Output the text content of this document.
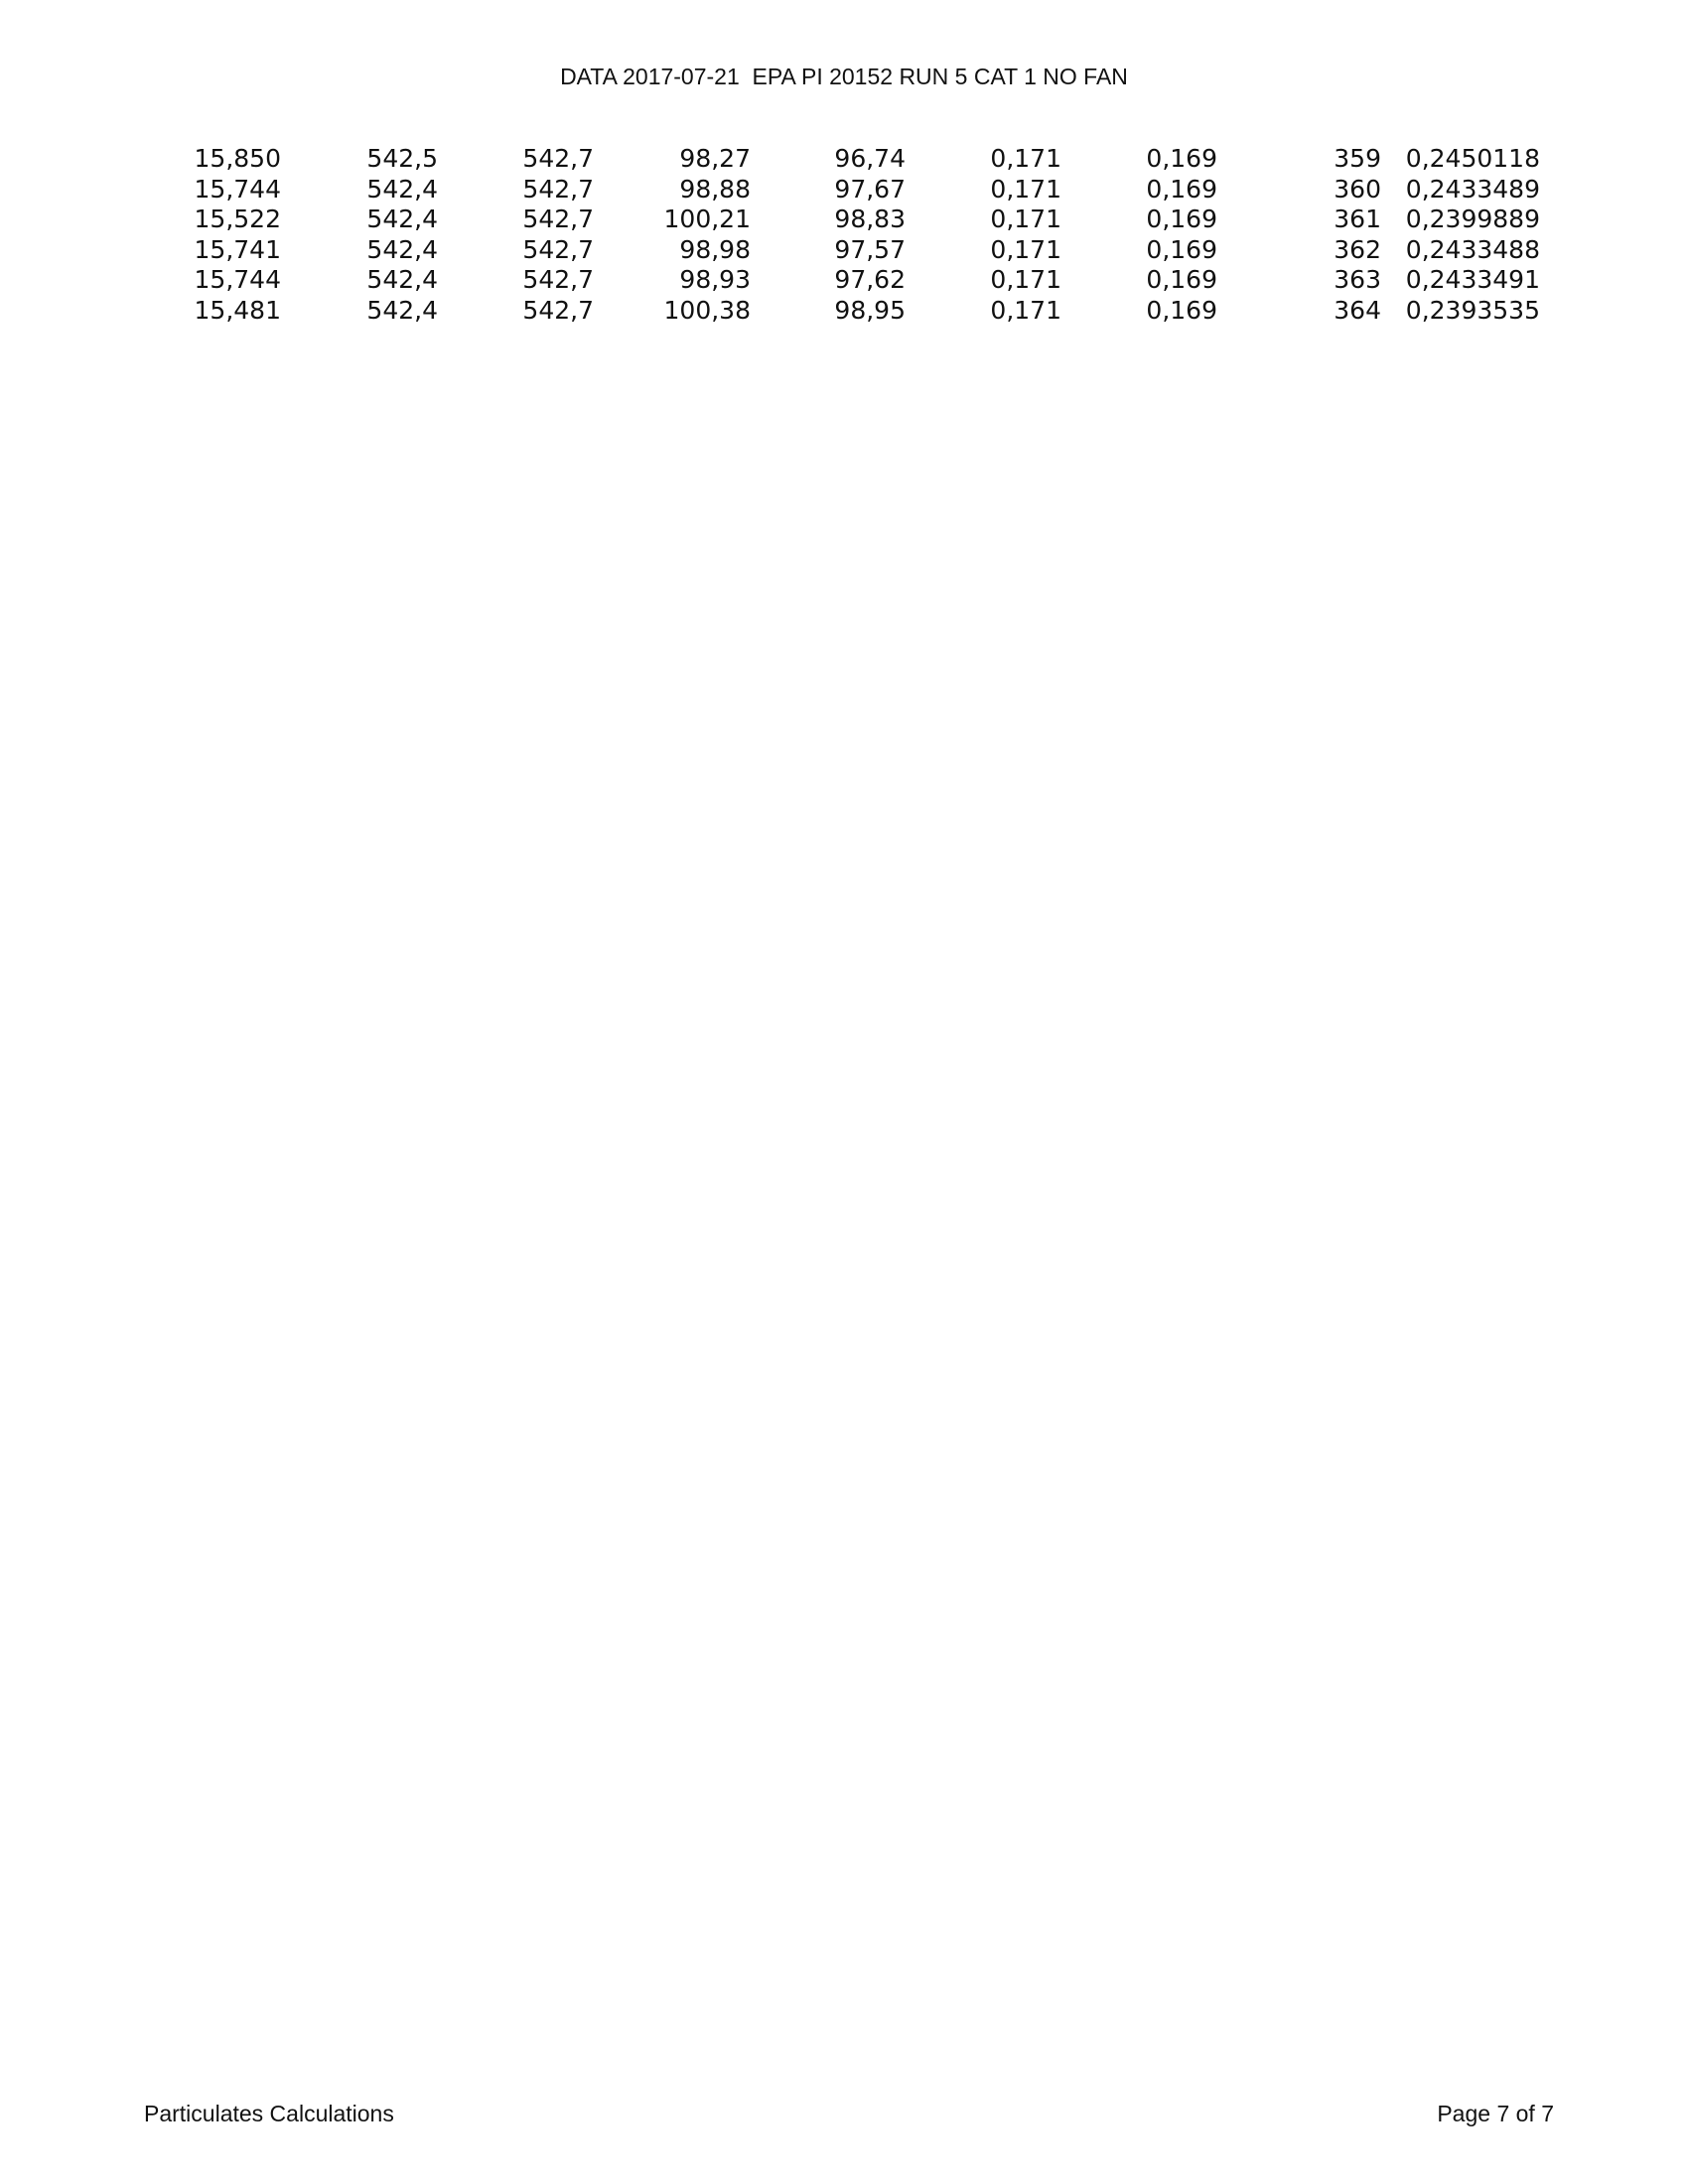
DATA 2017-07-21  EPA PI 20152 RUN 5 CAT 1 NO FAN
15,850	542,5	542,7	98,27	96,74	0,171	0,169	359 0,2450118
15,744	542,4	542,7	98,88	97,67	0,171	0,169	360 0,2433489
15,522	542,4	542,7	100,21	98,83	0,171	0,169	361 0,2399889
15,741	542,4	542,7	98,98	97,57	0,171	0,169	362 0,2433488
15,744	542,4	542,7	98,93	97,62	0,171	0,169	363 0,2433491
15,481	542,4	542,7	100,38	98,95	0,171	0,169	364 0,2393535
Particulates Calculations	Page 7 of 7
